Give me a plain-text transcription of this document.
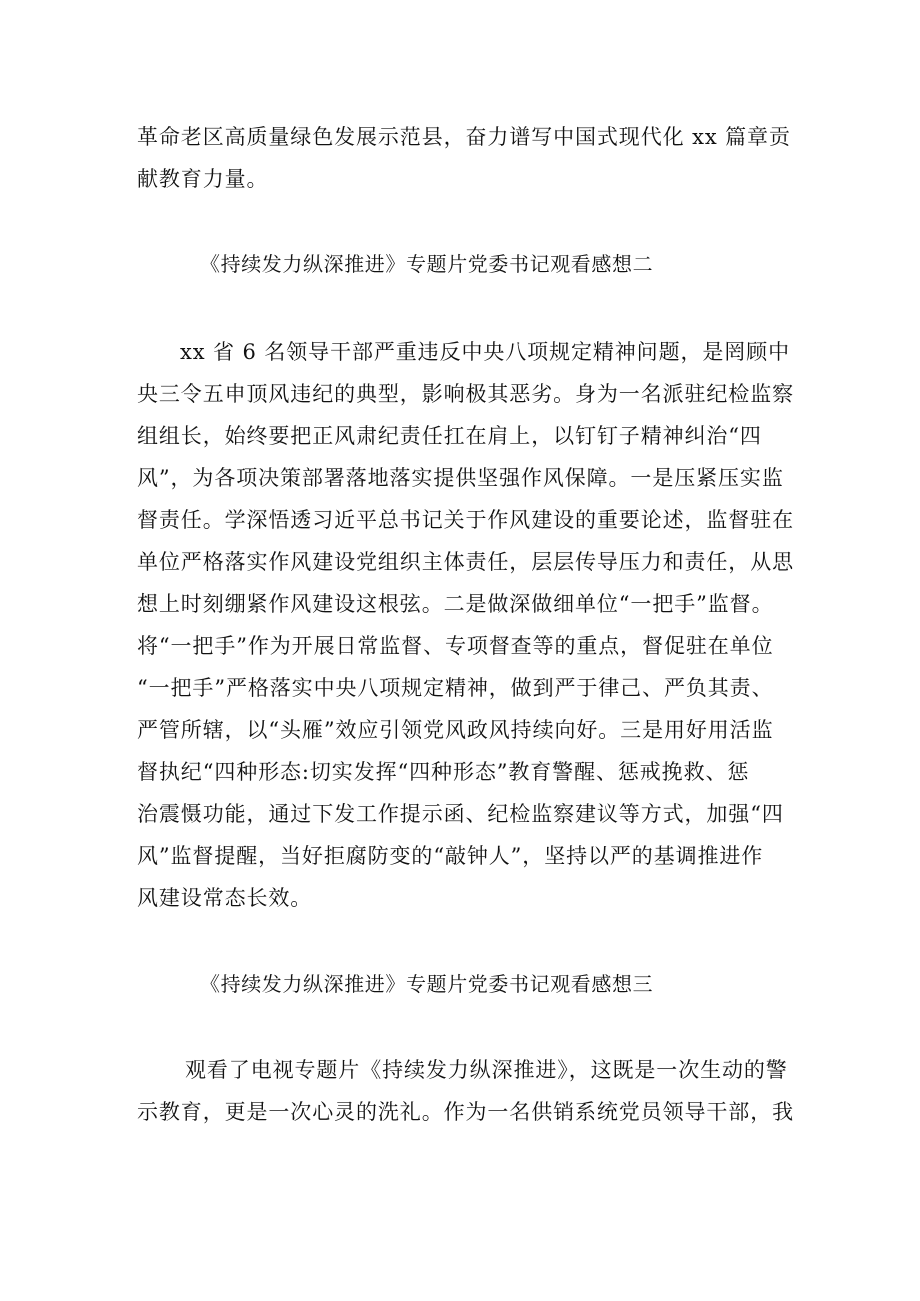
革命老区高质量绿色发展示范县，奋力谱写中国式现代化 xx 篇章贡
献教育力量。
《持续发力纵深推进》专题片党委书记观看感想二
xx 省 6 名领导干部严重违反中央八项规定精神问题，是罔顾中
央三令五申顶风违纪的典型，影响极其恶劣。身为一名派驻纪检监察
组组长，始终要把正风肃纪责任扛在肩上，以钉钉子精神纠治“四
风”，为各项决策部署落地落实提供坚强作风保障。一是压紧压实监
督责任。学深悟透习近平总书记关于作风建设的重要论述，监督驻在
单位严格落实作风建设党组织主体责任，层层传导压力和责任，从思
想上时刻绷紧作风建设这根弦。二是做深做细单位“一把手”监督。
将“一把手”作为开展日常监督、专项督查等的重点，督促驻在单位
“一把手”严格落实中央八项规定精神，做到严于律己、严负其责、
严管所辖，以“头雁”效应引领党风政风持续向好。三是用好用活监
督执纪“四种形态:切实发挥“四种形态”教育警醒、惩戒挽救、惩
治震慑功能，通过下发工作提示函、纪检监察建议等方式，加强“四
风”监督提醒，当好拒腐防变的“敲钟人”，坚持以严的基调推进作
风建设常态长效。
《持续发力纵深推进》专题片党委书记观看感想三
观看了电视专题片《持续发力纵深推进》，这既是一次生动的警
示教育，更是一次心灵的洗礼。作为一名供销系统党员领导干部，我
